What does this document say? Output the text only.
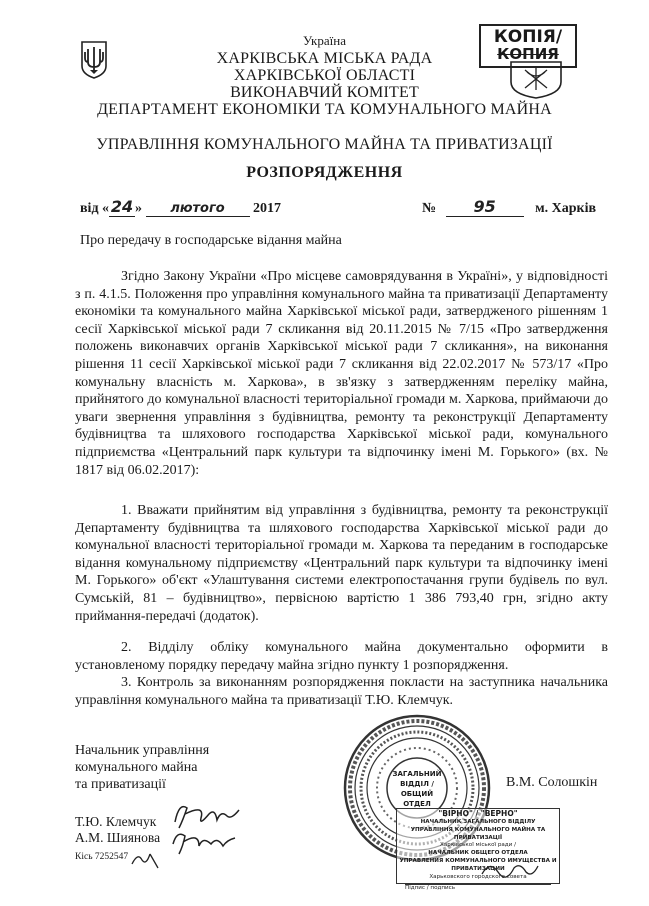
КОПІЯ/
КОПИЯ
Україна
ХАРКІВСЬКА МІСЬКА РАДА
ХАРКІВСЬКОЇ ОБЛАСТІ
ВИКОНАВЧИЙ КОМІТЕТ
ДЕПАРТАМЕНТ ЕКОНОМІКИ ТА КОМУНАЛЬНОГО МАЙНА
УПРАВЛІННЯ КОМУНАЛЬНОГО МАЙНА ТА ПРИВАТИЗАЦІЇ
РОЗПОРЯДЖЕННЯ
від « 24 » лютого 2017	№ 95	м. Харків
Про передачу в господарське відання майна
Згідно Закону України «Про місцеве самоврядування в Україні», у відповідності з п. 4.1.5. Положення про управління комунального майна та приватизації Департаменту економіки та комунального майна Харківської міської ради, затвердженого рішенням 1 сесії Харківської міської ради 7 скликання від 20.11.2015 № 7/15 «Про затвердження положень виконавчих органів Харківської міської ради 7 скликання», на виконання рішення 11 сесії Харківської міської ради 7 скликання від 22.02.2017 № 573/17 «Про комунальну власність м. Харкова», в зв'язку з затвердженням переліку майна, прийнятого до комунальної власності територіальної громади м. Харкова, приймаючи до уваги звернення управління з будівництва, ремонту та реконструкції Департаменту будівництва та шляхового господарства Харківської міської ради, комунального підприємства «Центральний парк культури та відпочинку імені М. Горького» (вх. № 1817 від 06.02.2017):
1. Вважати прийнятим від управління з будівництва, ремонту та реконструкції Департаменту будівництва та шляхового господарства Харківської міської ради до комунальної власності територіальної громади м. Харкова та переданим в господарське відання комунальному підприємству «Центральний парк культури та відпочинку імені М. Горького» об'єкт «Улаштування системи електропостачання групи будівель по вул. Сумській, 81 – будівництво», первісною вартістю 1 386 793,40 грн, згідно акту приймання-передачі (додаток).
2. Відділу обліку комунального майна документально оформити в установленому порядку передачу майна згідно пункту 1 розпорядження.
3. Контроль за виконанням розпорядження покласти на заступника начальника управління комунального майна та приватизації Т.Ю. Клемчук.
Начальник управління
комунального майна
та приватизації	В.М. Солошкін
ЗАГАЛЬНИЙ
ВІДДІЛ /
ОБЩИЙ ОТДЕЛ
"ВІРНО" / "ВЕРНО"
НАЧАЛЬНИК ЗАГАЛЬНОГО ВІДДІЛУ
УПРАВЛІННЯ КОМУНАЛЬНОГО МАЙНА ТА ПРИВАТИЗАЦІЇ
Харківської міської ради /
НАЧАЛЬНИК ОБЩЕГО ОТДЕЛА
УПРАВЛЕНИЯ КОММУНАЛЬНОГО ИМУЩЕСТВА И ПРИВАТИЗАЦИИ
Харьковского городского совета
Підпис / подпись
Т.Ю. Клемчук
А.М. Шиянова
Кісь 7252547
